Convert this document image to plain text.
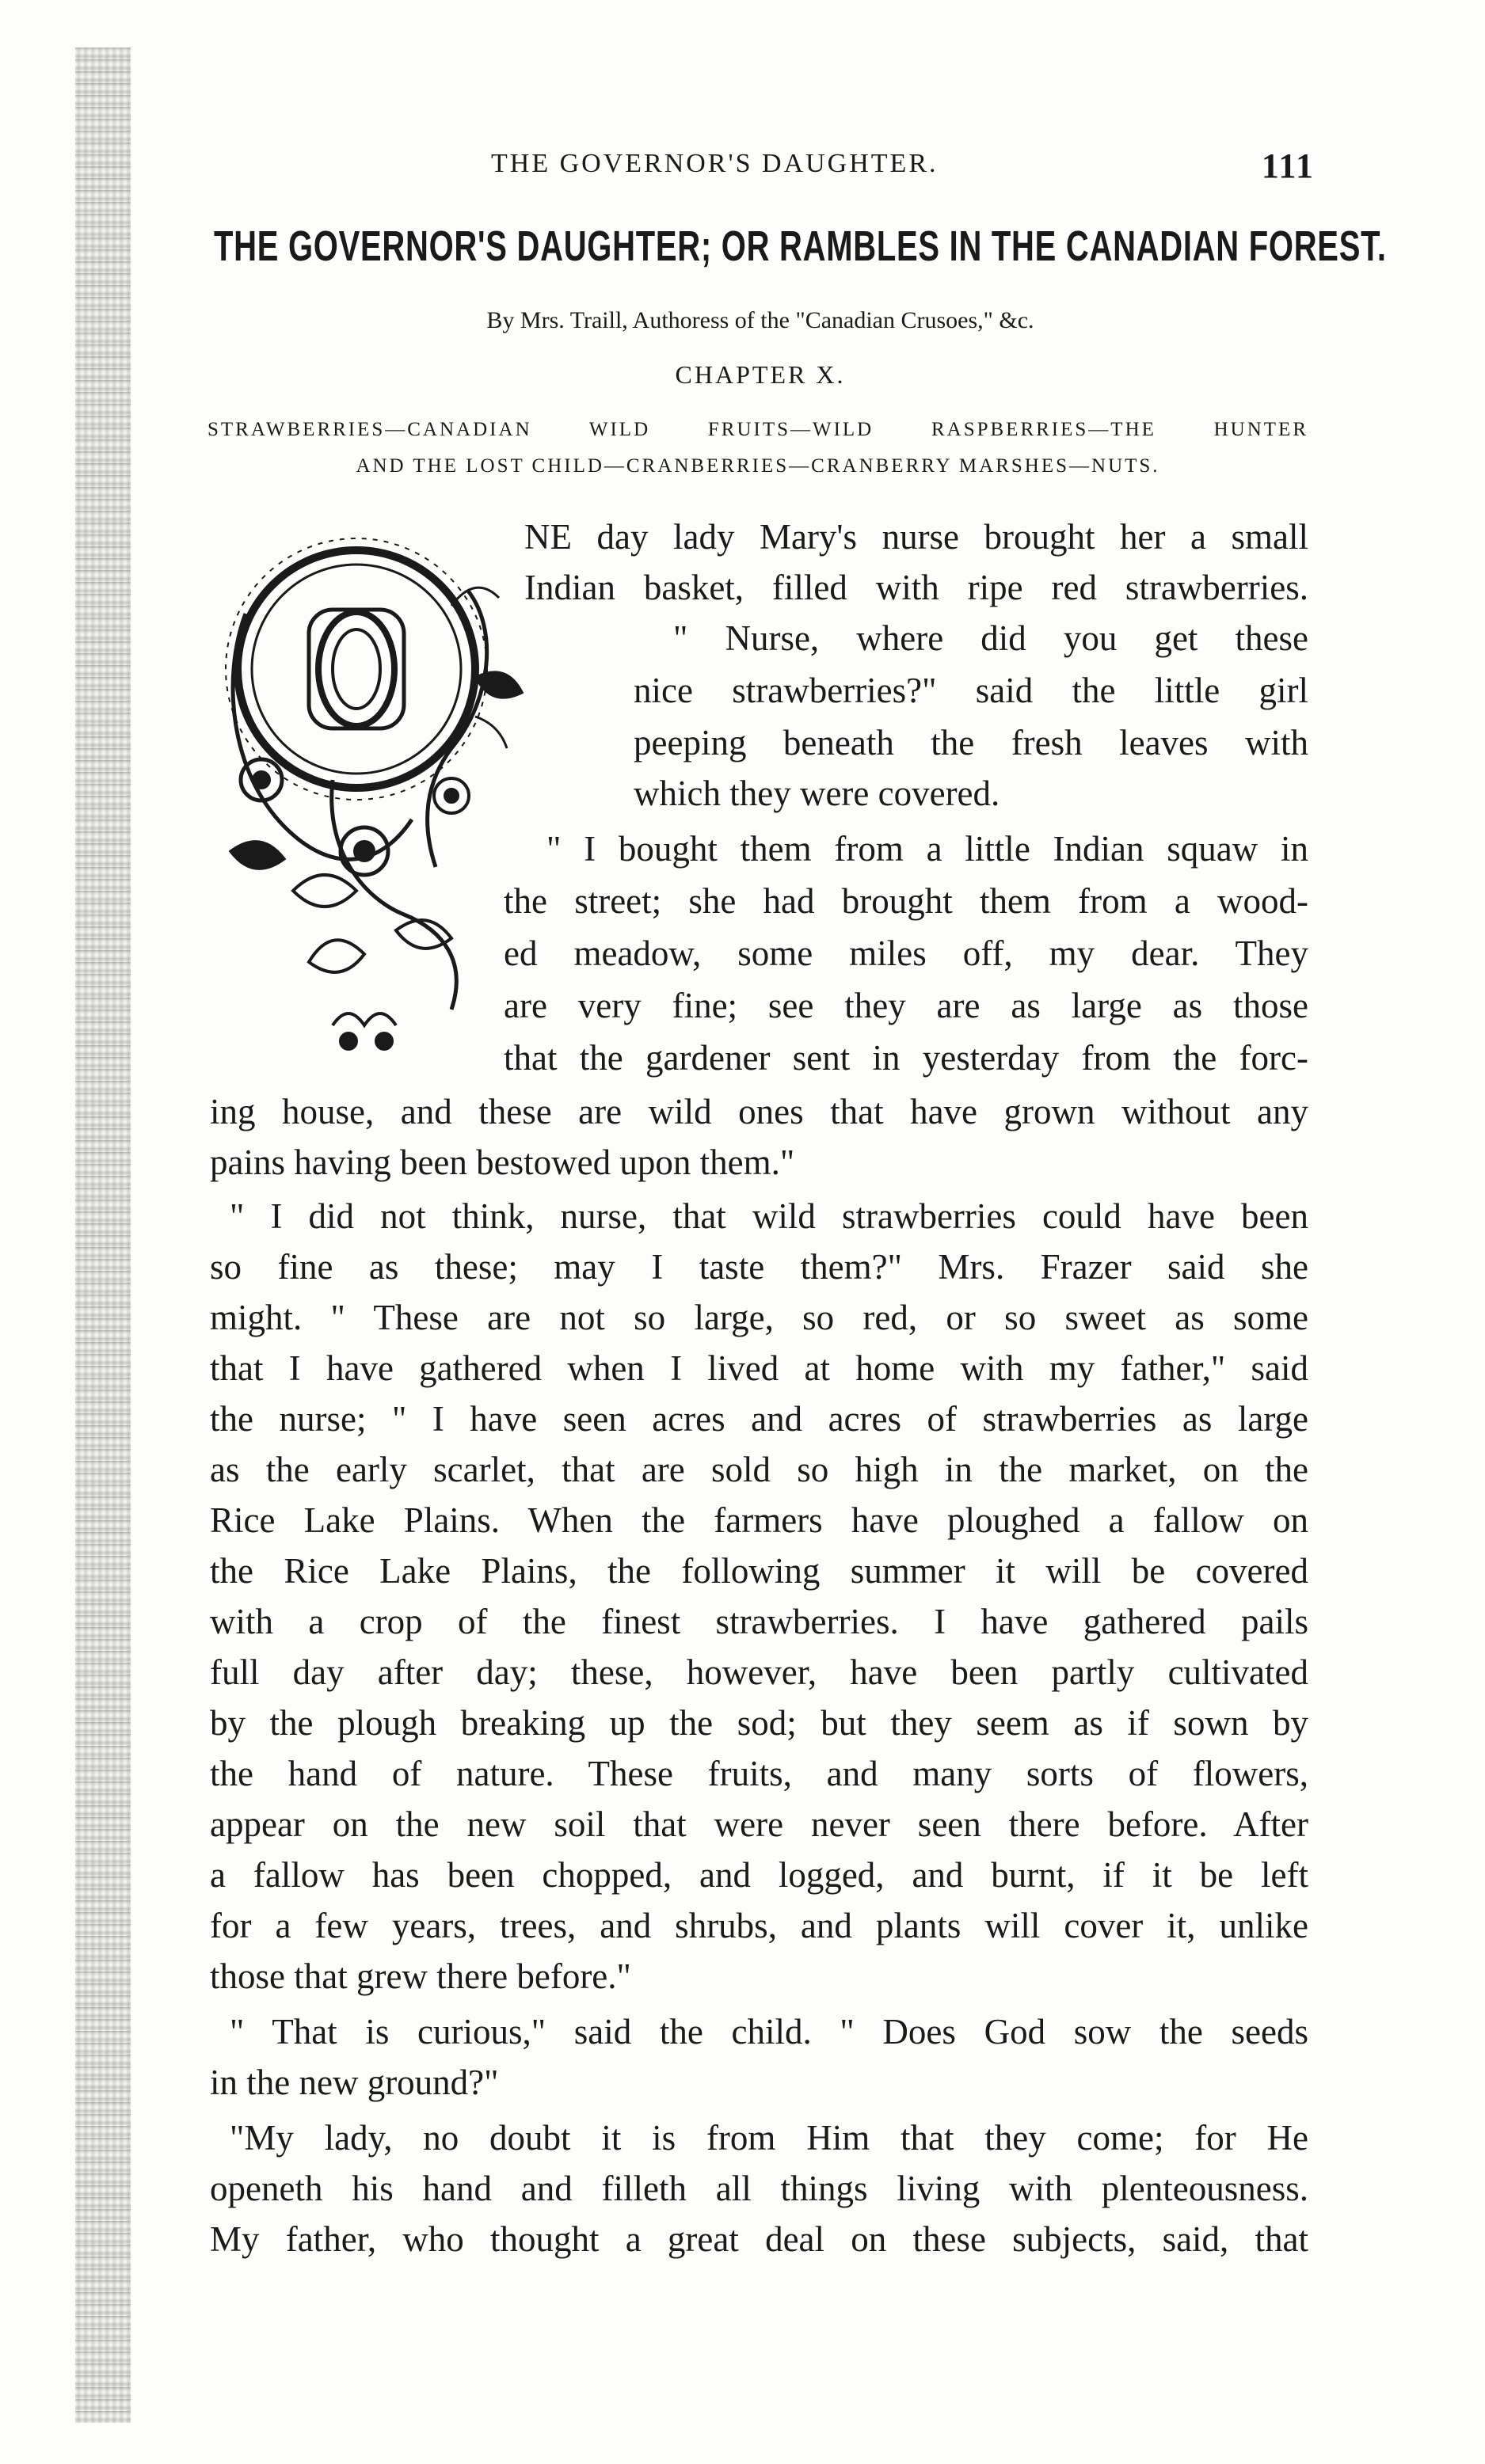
THE GOVERNOR'S DAUGHTER.	111
THE GOVERNOR'S DAUGHTER; OR RAMBLES IN THE CANADIAN FOREST.
By Mrs. Traill, Authoress of the "Canadian Crusoes," &c.
CHAPTER X.
STRAWBERRIES—CANADIAN WILD FRUITS—WILD RASPBERRIES—THE HUNTER
AND THE LOST CHILD—CRANBERRIES—CRANBERRY MARSHES—NUTS.
NE day lady Mary's nurse brought her a small
Indian basket, filled with ripe red strawberries.
" Nurse, where did you get these
nice strawberries?" said the little girl
peeping beneath the fresh leaves with
which they were covered.
" I bought them from a little Indian squaw in
the street; she had brought them from a wood-
ed meadow, some miles off, my dear. They
are very fine; see they are as large as those
that the gardener sent in yesterday from the forc-
ing house, and these are wild ones that have grown without any
pains having been bestowed upon them."
" I did not think, nurse, that wild strawberries could have been
so fine as these; may I taste them?" Mrs. Frazer said she
might. " These are not so large, so red, or so sweet as some
that I have gathered when I lived at home with my father," said
the nurse; " I have seen acres and acres of strawberries as large
as the early scarlet, that are sold so high in the market, on the
Rice Lake Plains. When the farmers have ploughed a fallow on
the Rice Lake Plains, the following summer it will be covered
with a crop of the finest strawberries. I have gathered pails
full day after day; these, however, have been partly cultivated
by the plough breaking up the sod; but they seem as if sown by
the hand of nature. These fruits, and many sorts of flowers,
appear on the new soil that were never seen there before. After
a fallow has been chopped, and logged, and burnt, if it be left
for a few years, trees, and shrubs, and plants will cover it, unlike
those that grew there before."
" That is curious," said the child. " Does God sow the seeds
in the new ground?"
"My lady, no doubt it is from Him that they come; for He
openeth his hand and filleth all things living with plenteousness.
My father, who thought a great deal on these subjects, said, that
